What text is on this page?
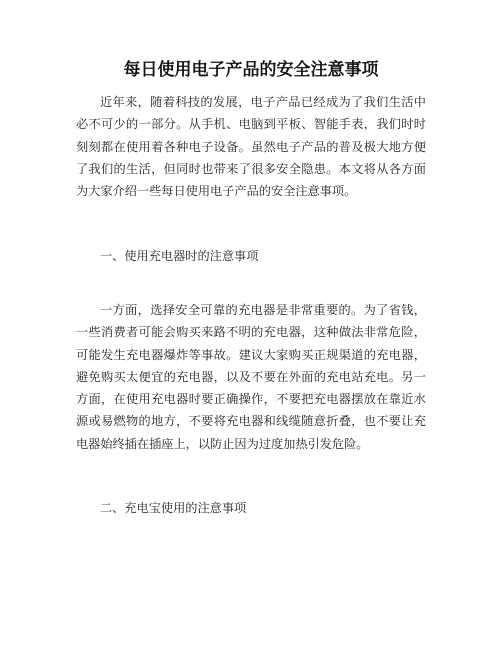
每日使用电子产品的安全注意事项

近年来，随着科技的发展，电子产品已经成为了我们生活中必不可少的一部分。从手机、电脑到平板、智能手表，我们时时刻刻都在使用着各种电子设备。虽然电子产品的普及极大地方便了我们的生活，但同时也带来了很多安全隐患。本文将从各方面为大家介绍一些每日使用电子产品的安全注意事项。

一、使用充电器时的注意事项

一方面，选择安全可靠的充电器是非常重要的。为了省钱，一些消费者可能会购买来路不明的充电器，这种做法非常危险，可能发生充电器爆炸等事故。建议大家购买正规渠道的充电器，避免购买太便宜的充电器，以及不要在外面的充电站充电。另一方面，在使用充电器时要正确操作，不要把充电器摆放在靠近水源或易燃物的地方，不要将充电器和线缆随意折叠，也不要让充电器始终插在插座上，以防止因为过度加热引发危险。

二、充电宝使用的注意事项
